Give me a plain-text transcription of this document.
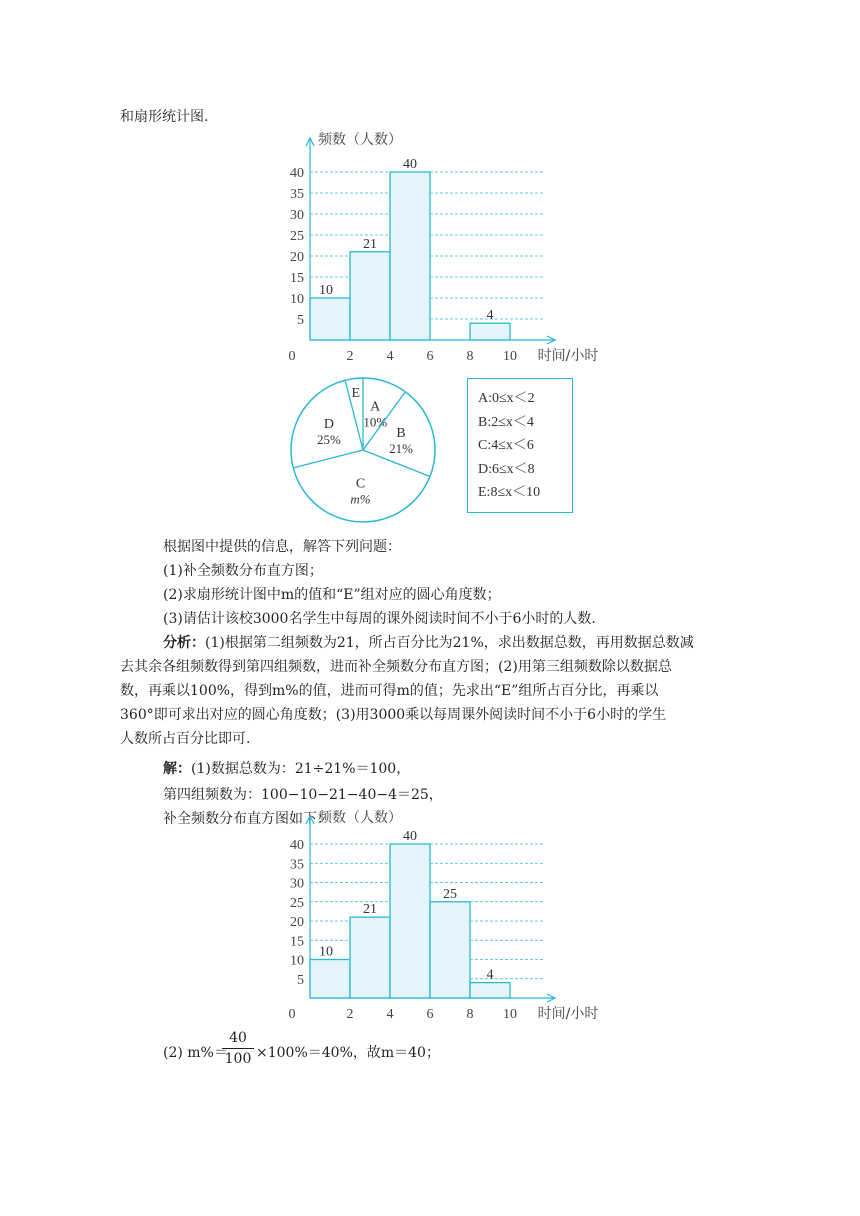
和扇形统计图.
10
21
40
4
5
10
15
20
25
30
35
40
0	2 4 6 8 10 时间/小时
频数（人数）
A
10%
B
21%
C
m%
D
25%
E	A:0≤x＜2
B:2≤x＜4
C:4≤x＜6
D:6≤x＜8
E:8≤x＜10
根据图中提供的信息，解答下列问题：
(1)补全频数分布直方图；
(2)求扇形统计图中m的值和“E”组对应的圆心角度数；
(3)请估计该校3000名学生中每周的课外阅读时间不小于6小时的人数.
分析：(1)根据第二组频数为21，所占百分比为21%，求出数据总数，再用数据总数减
去其余各组频数得到第四组频数，进而补全频数分布直方图；(2)用第三组频数除以数据总
数，再乘以100%，得到m%的值，进而可得m的值；先求出“E”组所占百分比，再乘以
360°即可求出对应的圆心角度数；(3)用3000乘以每周课外阅读时间不小于6小时的学生
人数所占百分比即可.
解：(1)数据总数为：21÷21%＝100，
第四组频数为：100−10−21−40−4＝25，
补全频数分布直方图如下：
10
21
40
25
4
5
10
15
20
25
30
35
40
0	2 4 6 8 10 时间/小时
频数（人数）
(2) m%＝
40
100 ×100%＝40%，故m＝40；
